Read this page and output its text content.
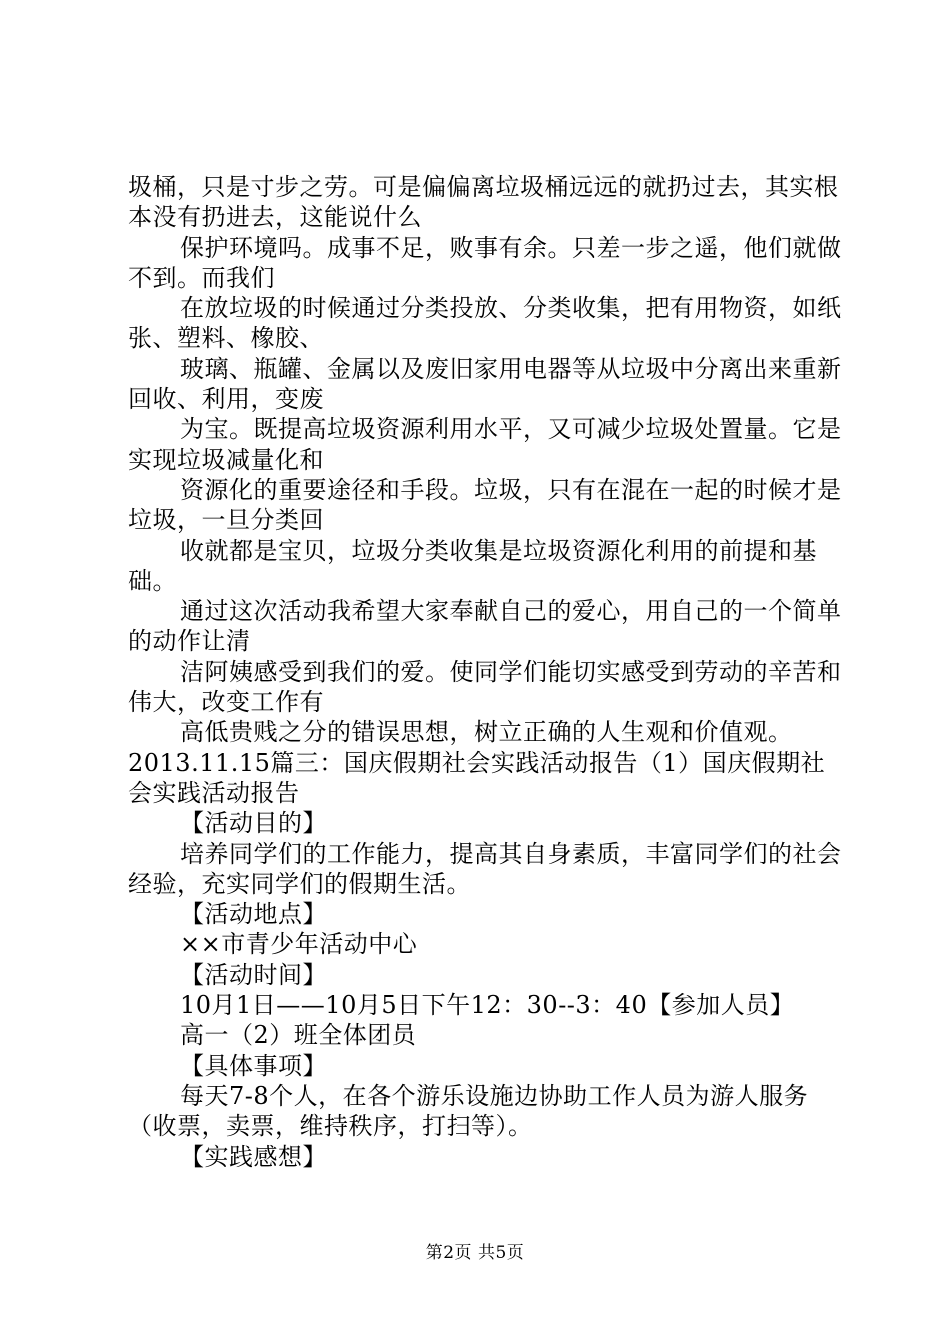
圾桶，只是寸步之劳。可是偏偏离垃圾桶远远的就扔过去，其实根本没有扔进去，这能说什么

保护环境吗。成事不足，败事有余。只差一步之遥，他们就做不到。而我们

在放垃圾的时候通过分类投放、分类收集，把有用物资，如纸张、塑料、橡胶、

玻璃、瓶罐、金属以及废旧家用电器等从垃圾中分离出来重新回收、利用，变废

为宝。既提高垃圾资源利用水平，又可减少垃圾处置量。它是实现垃圾减量化和

资源化的重要途径和手段。垃圾，只有在混在一起的时候才是垃圾，一旦分类回

收就都是宝贝，垃圾分类收集是垃圾资源化利用的前提和基础。

通过这次活动我希望大家奉献自己的爱心，用自己的一个简单的动作让清

洁阿姨感受到我们的爱。使同学们能切实感受到劳动的辛苦和伟大，改变工作有

高低贵贱之分的错误思想，树立正确的人生观和价值观。

2013.11.15篇三：国庆假期社会实践活动报告（1）国庆假期社会实践活动报告

【活动目的】

培养同学们的工作能力，提高其自身素质，丰富同学们的社会经验，充实同学们的假期生活。

【活动地点】

××市青少年活动中心

【活动时间】

10月1日——10月5日下午12：30--3：40【参加人员】

高一（2）班全体团员

【具体事项】

每天7-8个人，在各个游乐设施边协助工作人员为游人服务（收票，卖票，维持秩序，打扫等）。

【实践感想】

第2页 共5页
